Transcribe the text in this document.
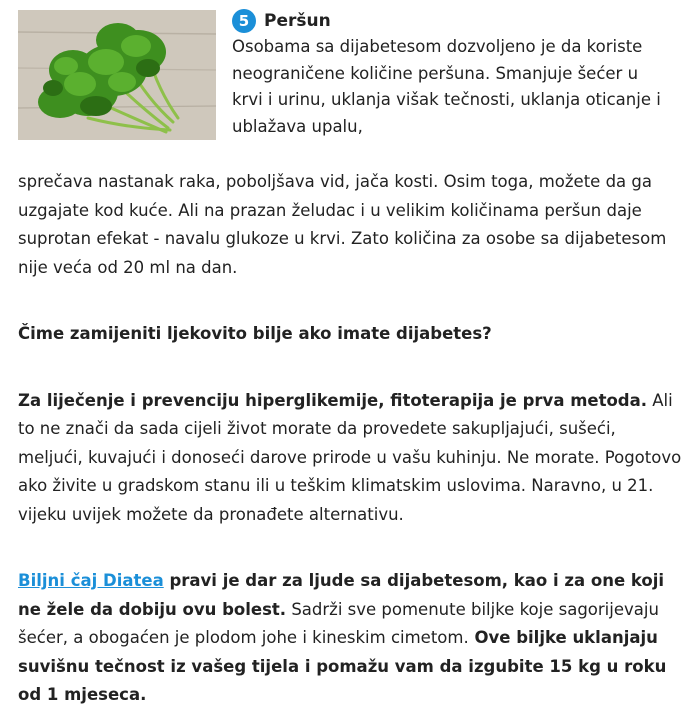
5 Peršun
Osobama sa dijabetesom dozvoljeno je da koriste neograničene količine peršuna. Smanjuje šećer u krvi i urinu, uklanja višak tečnosti, uklanja oticanje i ublažava upalu,

sprečava nastanak raka, poboljšava vid, jača kosti. Osim toga, možete da ga uzgajate kod kuće. Ali na prazan želudac i u velikim količinama peršun daje suprotan efekat - navalu glukoze u krvi. Zato količina za osobe sa dijabetesom nije veća od 20 ml na dan.

Čime zamijeniti ljekovito bilje ako imate dijabetes?

Za liječenje i prevenciju hiperglikemije, fitoterapija je prva metoda. Ali to ne znači da sada cijeli život morate da provedete sakupljajući, sušeći, meljući, kuvajući i donoseći darove prirode u vašu kuhinju. Ne morate. Pogotovo ako živite u gradskom stanu ili u teškim klimatskim uslovima. Naravno, u 21. vijeku uvijek možete da pronađete alternativu.

Biljni čaj Diatea pravi je dar za ljude sa dijabetesom, kao i za one koji ne žele da dobiju ovu bolest. Sadrži sve pomenute biljke koje sagorijevaju šećer, a obogaćen je plodom johe i kineskim cimetom. Ove biljke uklanjaju suvišnu tečnost iz vašeg tijela i pomažu vam da izgubite 15 kg u roku od 1 mjeseca.
